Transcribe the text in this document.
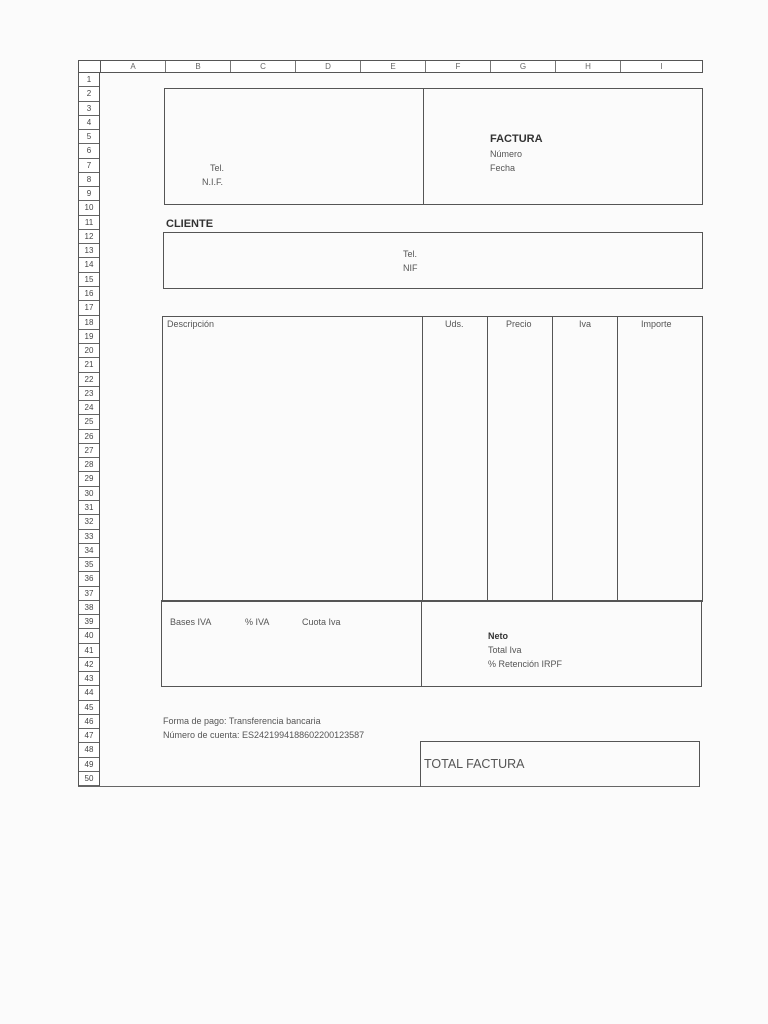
A	B	C	D	E	F	G	H	I
1
2
3
4
5
6
7
8
9
10
11
12
13
14
15
16
17
18
19
20
21
22
23
24
25
26
27
28
29
30
31
32
33
34
35
36
37
38
39
40
41
42
43
44
45
46
47
48
49
50
Tel.
N.I.F.
FACTURA
Número
Fecha
CLIENTE
Tel.
NIF
Descripción	Uds.	Precio	Iva	Importe
Bases IVA	% IVA	Cuota Iva
Neto
Total Iva
% Retención IRPF
Forma de pago: Transferencia bancaria
Número de cuenta: ES2421994188602200123587
TOTAL FACTURA
